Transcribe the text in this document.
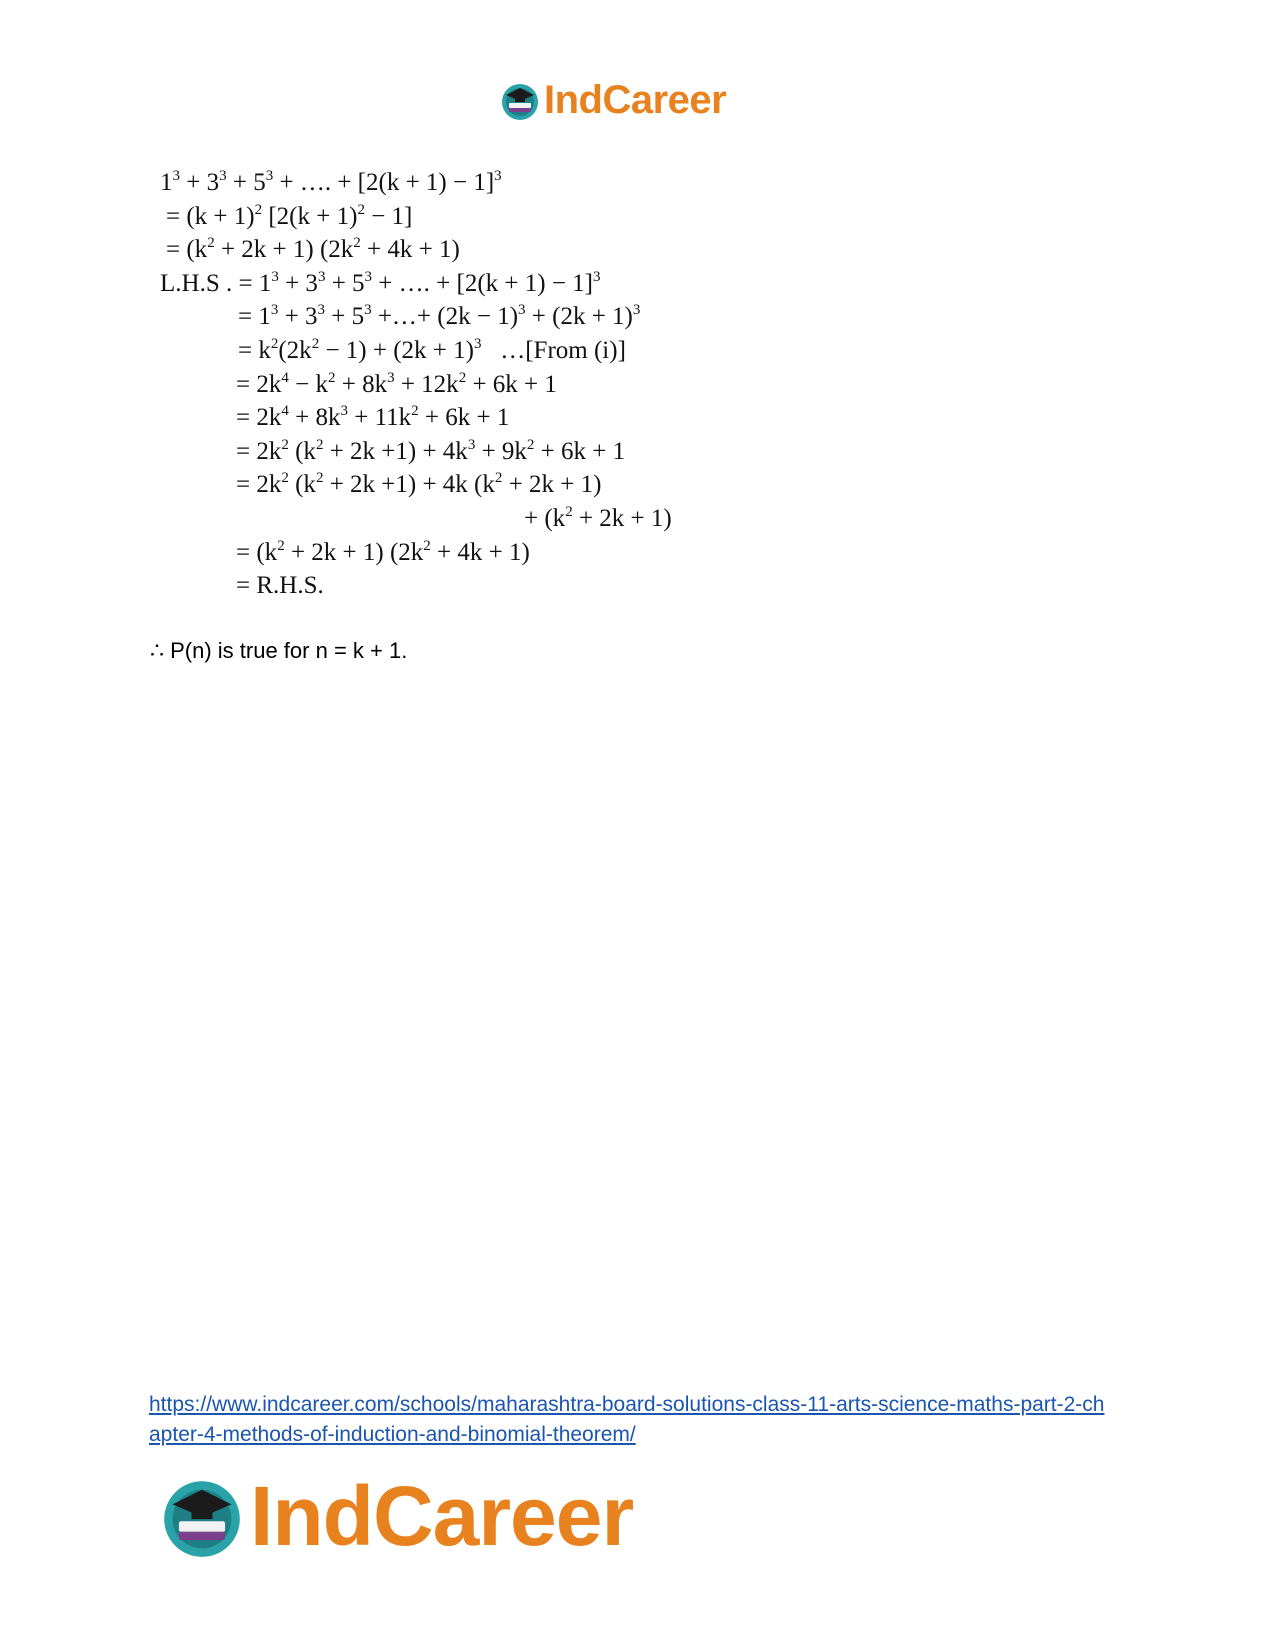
IndCareer
$1^3 + 3^3 + 5^3$ + …. + $[2(k + 1) - 1]^3$
= $(k + 1)^2$ $[2(k + 1)^2 - 1]$
= $(k^2 + 2k + 1) (2k^2 + 4k + 1)$
L.H.S . = $1^3 + 3^3 + 5^3$ + …. + $[2(k + 1) - 1]^3$
= $1^3 + 3^3 + 5^3$ +…+ $(2k - 1)^3 + (2k + 1)^3$
= $k^2(2k^2 - 1) + (2k + 1)^3$   …[From (i)]
= $2k^4 - k^2 + 8k^3 + 12k^2 + 6k + 1$
= $2k^4 + 8k^3 + 11k^2 + 6k + 1$
= $2k^2$ $(k^2 + 2k +1) + 4k^3 + 9k^2 + 6k + 1$
= $2k^2$ $(k^2 + 2k +1) + 4k$ $(k^2 + 2k + 1)$
+ $(k^2 + 2k + 1)$
= $(k^2 + 2k + 1) (2k^2 + 4k + 1)$
= R.H.S.
∴ P(n) is true for n = k + 1.
https://www.indcareer.com/schools/maharashtra-board-solutions-class-11-arts-science-maths-part-2-chapter-4-methods-of-induction-and-binomial-theorem/
IndCareer
